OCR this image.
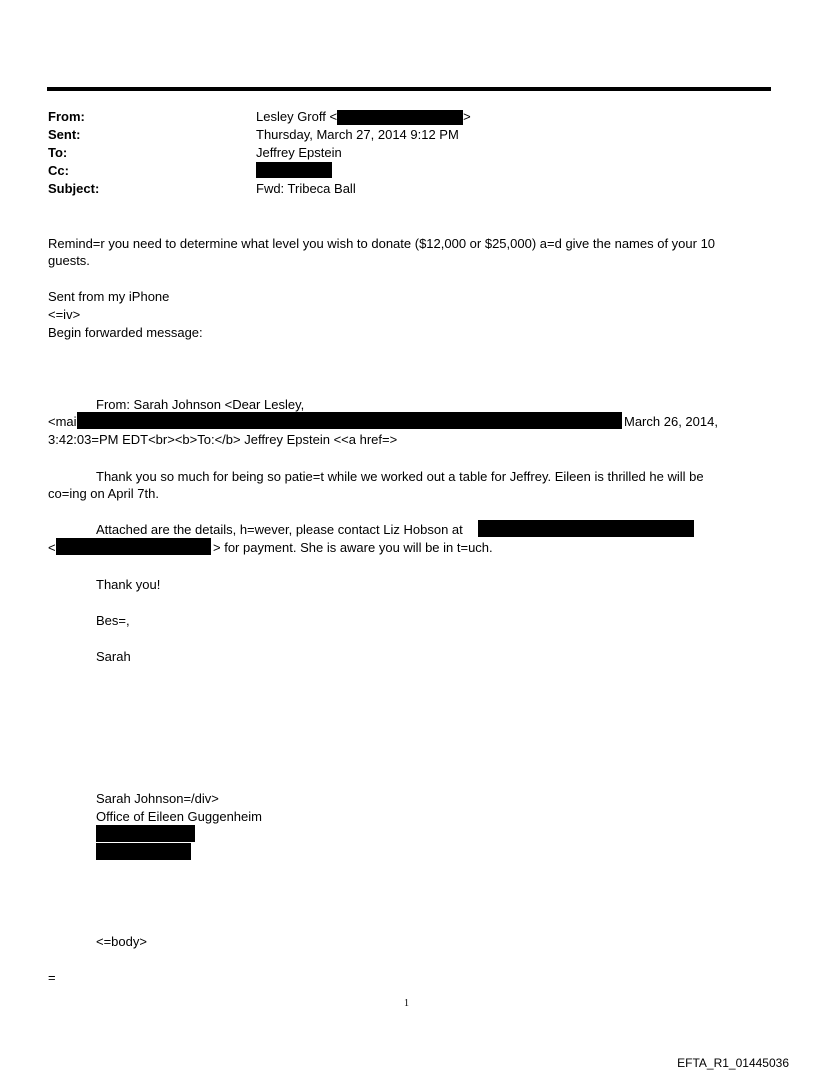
From:	Lesley Groff <	>
Sent:	Thursday, March 27, 2014 9:12 PM
To:	Jeffrey Epstein
Cc:
Subject:	Fwd: Tribeca Ball
Remind=r you need to determine what level you wish to donate ($12,000 or $25,000) a=d give the names of your 10
guests.
Sent from my iPhone
<=iv>
Begin forwarded message:
From: Sarah Johnson <Dear Lesley,
<mai	March 26, 2014,
3:42:03=PM EDT<br><b>To:</b> Jeffrey Epstein <<a href=>
Thank you so much for being so patie=t while we worked out a table for Jeffrey. Eileen is thrilled he will be
co=ing on April 7th.
Attached are the details, h=wever, please contact Liz Hobson at
<	> for payment. She is aware you will be in t=uch.
Thank you!
Bes=,
Sarah
Sarah Johnson=/div>
Office of Eileen Guggenheim
<=body>
=
1
EFTA_R1_01445036
